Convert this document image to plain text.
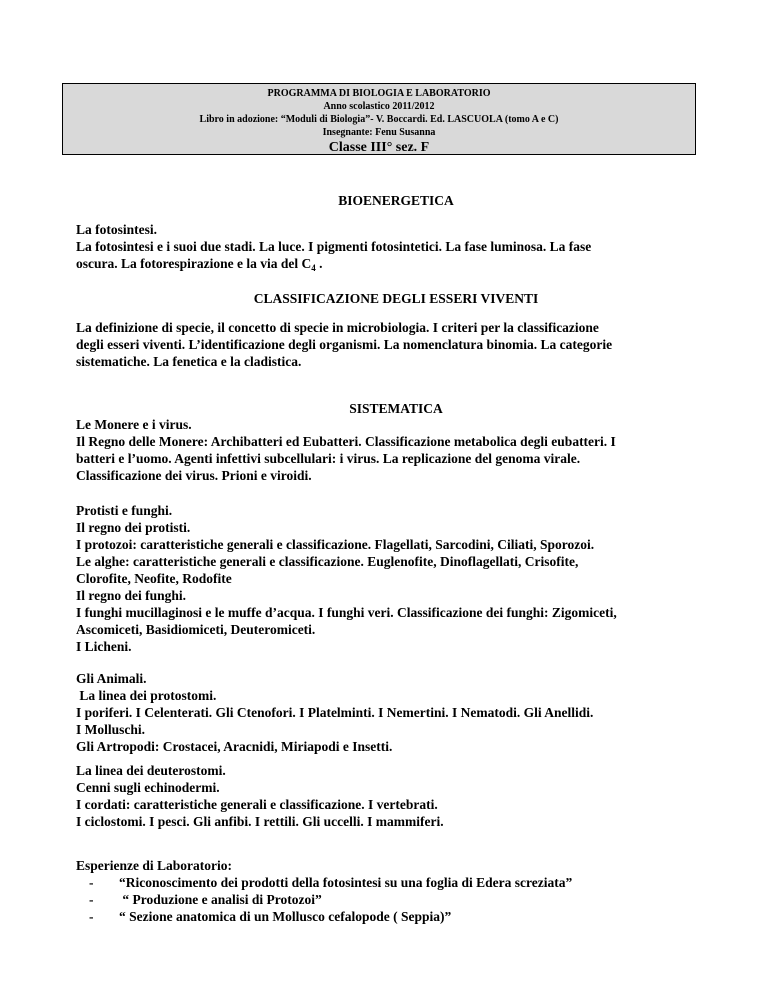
PROGRAMMA DI BIOLOGIA E LABORATORIO
Anno scolastico 2011/2012
Libro in adozione: “Moduli di Biologia”- V. Boccardi. Ed. LASCUOLA (tomo A e C)
Insegnante: Fenu Susanna
Classe III° sez. F
BIOENERGETICA
La fotosintesi.
La fotosintesi e i suoi due stadi. La luce. I pigmenti fotosintetici. La fase luminosa. La fase
oscura. La fotorespirazione e la via del $C_4$ .
CLASSIFICAZIONE DEGLI ESSERI VIVENTI
La definizione di specie, il concetto di specie in microbiologia. I criteri per la classificazione
degli esseri viventi. L’identificazione degli organismi. La nomenclatura binomia. La categorie
sistematiche. La fenetica e la cladistica.
SISTEMATICA
Le Monere e i virus.
Il Regno delle Monere: Archibatteri ed Eubatteri. Classificazione metabolica degli eubatteri. I
batteri e l’uomo. Agenti infettivi subcellulari: i virus. La replicazione del genoma virale.
Classificazione dei virus. Prioni e viroidi.
Protisti e funghi.
Il regno dei protisti.
I protozoi: caratteristiche generali e classificazione. Flagellati, Sarcodini, Ciliati, Sporozoi.
Le alghe: caratteristiche generali e classificazione. Euglenofite, Dinoflagellati, Crisofite,
Clorofite, Neofite, Rodofite
Il regno dei funghi.
I funghi mucillaginosi e le muffe d’acqua. I funghi veri. Classificazione dei funghi: Zigomiceti,
Ascomiceti, Basidiomiceti, Deuteromiceti.
I Licheni.
Gli Animali.
La linea dei protostomi.
I poriferi. I Celenterati. Gli Ctenofori. I Platelminti. I Nemertini. I Nematodi. Gli Anellidi.
I Molluschi.
Gli Artropodi: Crostacei, Aracnidi, Miriapodi e Insetti.
La linea dei deuterostomi.
Cenni sugli echinodermi.
I cordati: caratteristiche generali e classificazione. I vertebrati.
I ciclostomi. I pesci. Gli anfibi. I rettili. Gli uccelli. I mammiferi.
Esperienze di Laboratorio:
- “Riconoscimento dei prodotti della fotosintesi su una foglia di Edera screziata”
- “ Produzione e analisi di Protozoi”
- “ Sezione anatomica di un Mollusco cefalopode ( Seppia)”
